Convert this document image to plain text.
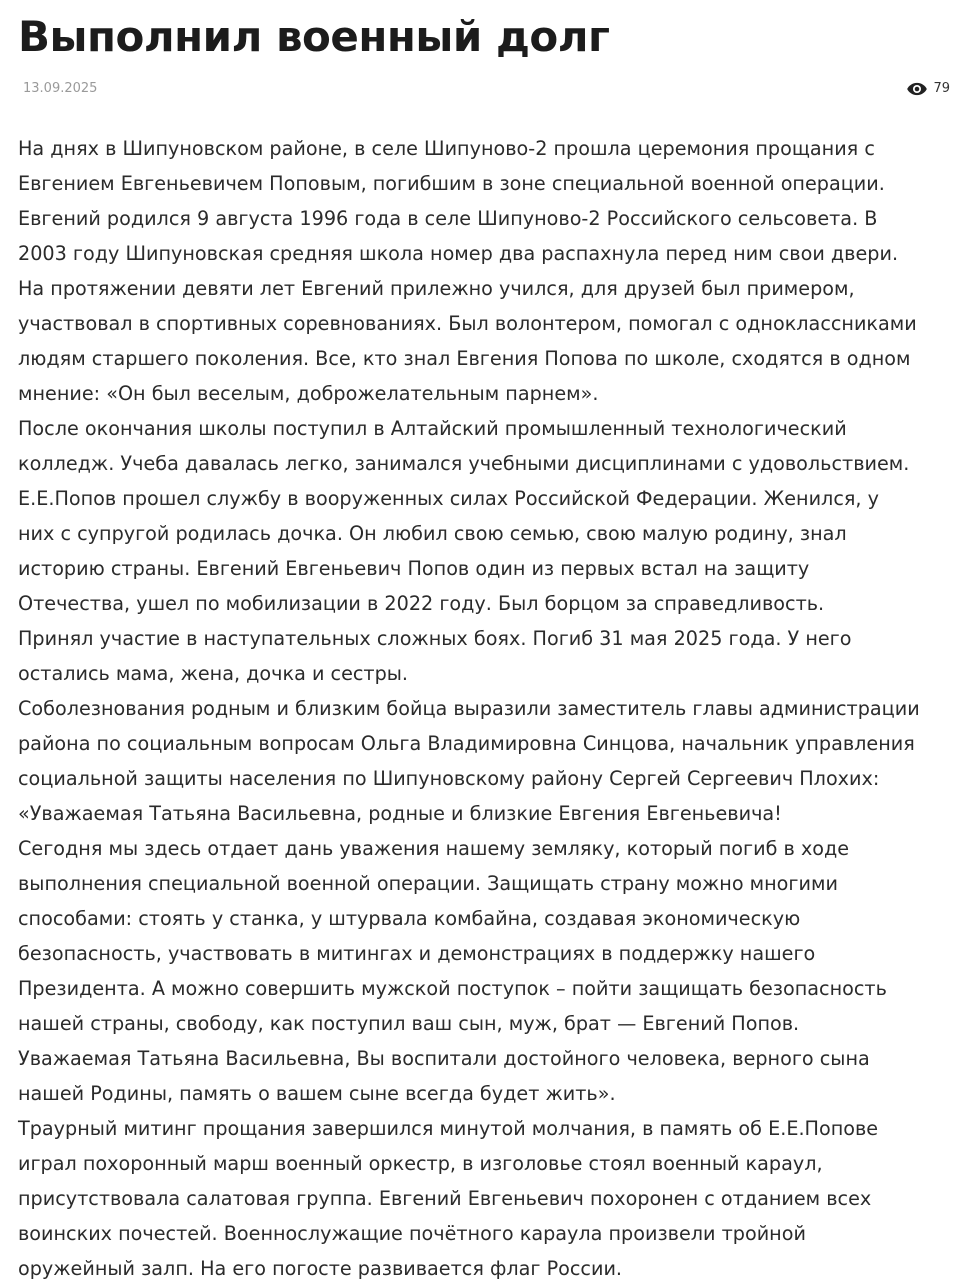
Выполнил военный долг
13.09.2025	79
На днях в Шипуновском районе, в селе Шипуново-2 прошла церемония прощания с
Евгением Евгеньевичем Поповым, погибшим в зоне специальной военной операции.
Евгений родился 9 августа 1996 года в селе Шипуново-2 Российского сельсовета. В
2003 году Шипуновская средняя школа номер два распахнула перед ним свои двери.
На протяжении девяти лет Евгений прилежно учился, для друзей был примером,
участвовал в спортивных соревнованиях. Был волонтером, помогал с одноклассниками
людям старшего поколения. Все, кто знал Евгения Попова по школе, сходятся в одном
мнение: «Он был веселым, доброжелательным парнем».
После окончания школы поступил в Алтайский промышленный технологический
колледж. Учеба давалась легко, занимался учебными дисциплинами с удовольствием.
Е.Е.Попов прошел службу в вооруженных силах Российской Федерации. Женился, у
них с супругой родилась дочка. Он любил свою семью, свою малую родину, знал
историю страны. Евгений Евгеньевич Попов один из первых встал на защиту
Отечества, ушел по мобилизации в 2022 году. Был борцом за справедливость.
Принял участие в наступательных сложных боях. Погиб 31 мая 2025 года. У него
остались мама, жена, дочка и сестры.
Соболезнования родным и близким бойца выразили заместитель главы администрации
района по социальным вопросам Ольга Владимировна Синцова, начальник управления
социальной защиты населения по Шипуновскому району Сергей Сергеевич Плохих:
«Уважаемая Татьяна Васильевна, родные и близкие Евгения Евгеньевича!
Сегодня мы здесь отдает дань уважения нашему земляку, который погиб в ходе
выполнения специальной военной операции. Защищать страну можно многими
способами: стоять у станка, у штурвала комбайна, создавая экономическую
безопасность, участвовать в митингах и демонстрациях в поддержку нашего
Президента. А можно совершить мужской поступок – пойти защищать безопасность
нашей страны, свободу, как поступил ваш сын, муж, брат — Евгений Попов.
Уважаемая Татьяна Васильевна, Вы воспитали достойного человека, верного сына
нашей Родины, память о вашем сыне всегда будет жить».
Траурный митинг прощания завершился минутой молчания, в память об Е.Е.Попове
играл похоронный марш военный оркестр, в изголовье стоял военный караул,
присутствовала салатовая группа. Евгений Евгеньевич похоронен с отданием всех
воинских почестей. Военнослужащие почётного караула произвели тройной
оружейный залп. На его погосте развивается флаг России.
